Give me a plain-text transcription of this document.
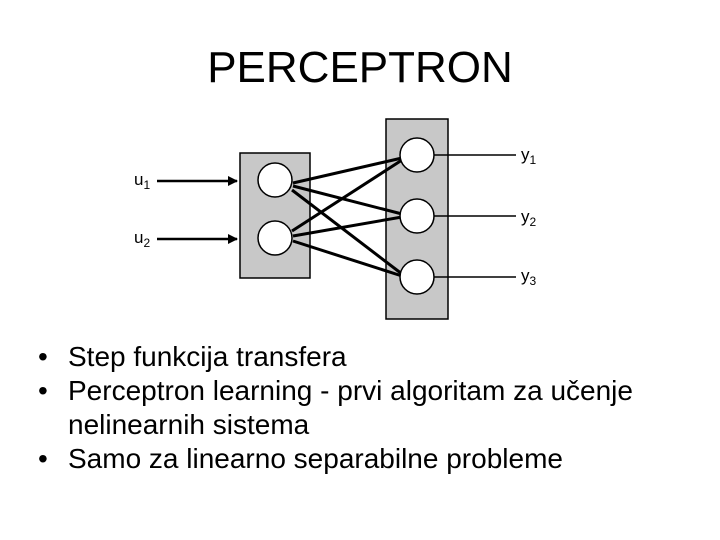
PERCEPTRON
$u_1$
$u_2$
$y_1$
$y_2$
$y_3$
• Step funkcija transfera
• Perceptron learning - prvi algoritam za učenje nelinearnih sistema
• Samo za linearno separabilne probleme
